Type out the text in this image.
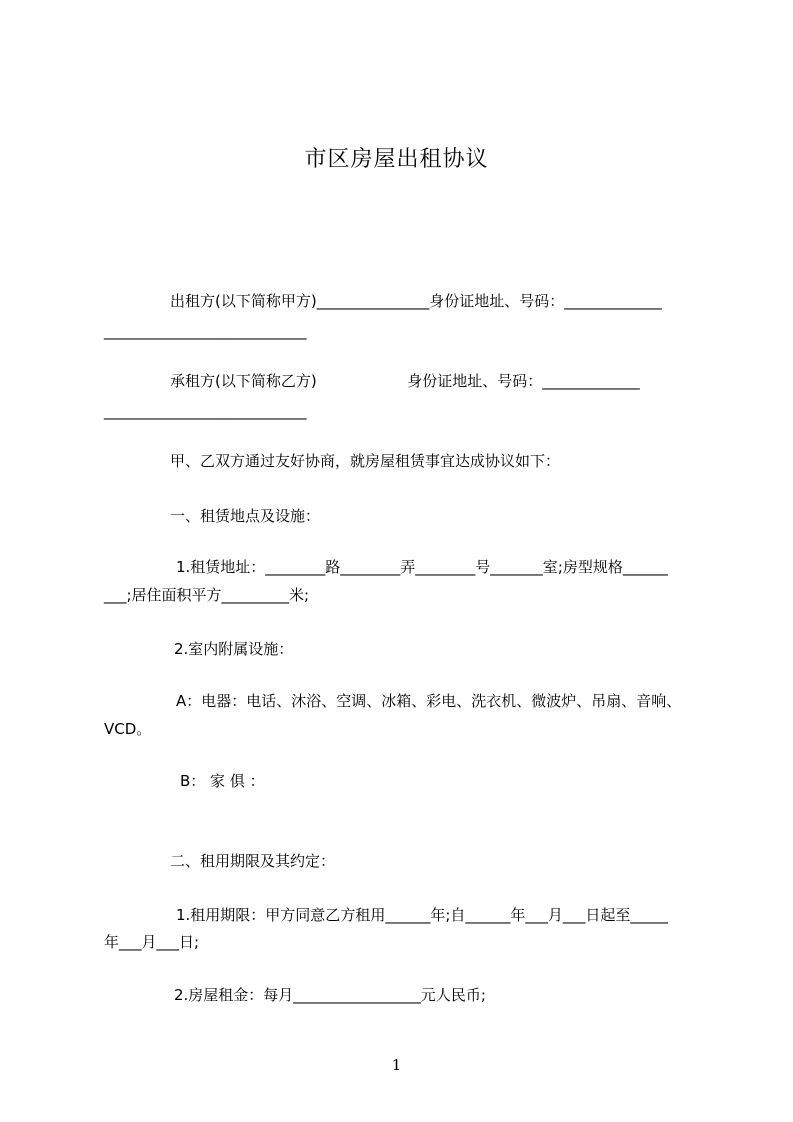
市区房屋出租协议
出租方(以下简称甲方)_______________身份证地址、号码：_____________
___________________________
承租方(以下简称乙方)                   身份证地址、号码：_____________
___________________________
甲、乙双方通过友好协商，就房屋租赁事宜达成协议如下：
一、租赁地点及设施：
1.租赁地址：________路________弄________号_______室;房型规格______
___;居住面积平方_________米;
2.室内附属设施：
A：电器：电话、沐浴、空调、冰箱、彩电、洗衣机、微波炉、吊扇、音响、
VCD。
B： 家 俱 ：
二、租用期限及其约定：
1.租用期限：甲方同意乙方租用______年;自______年___月___日起至_____
年___月___日;
2.房屋租金：每月_________________元人民币;
1
